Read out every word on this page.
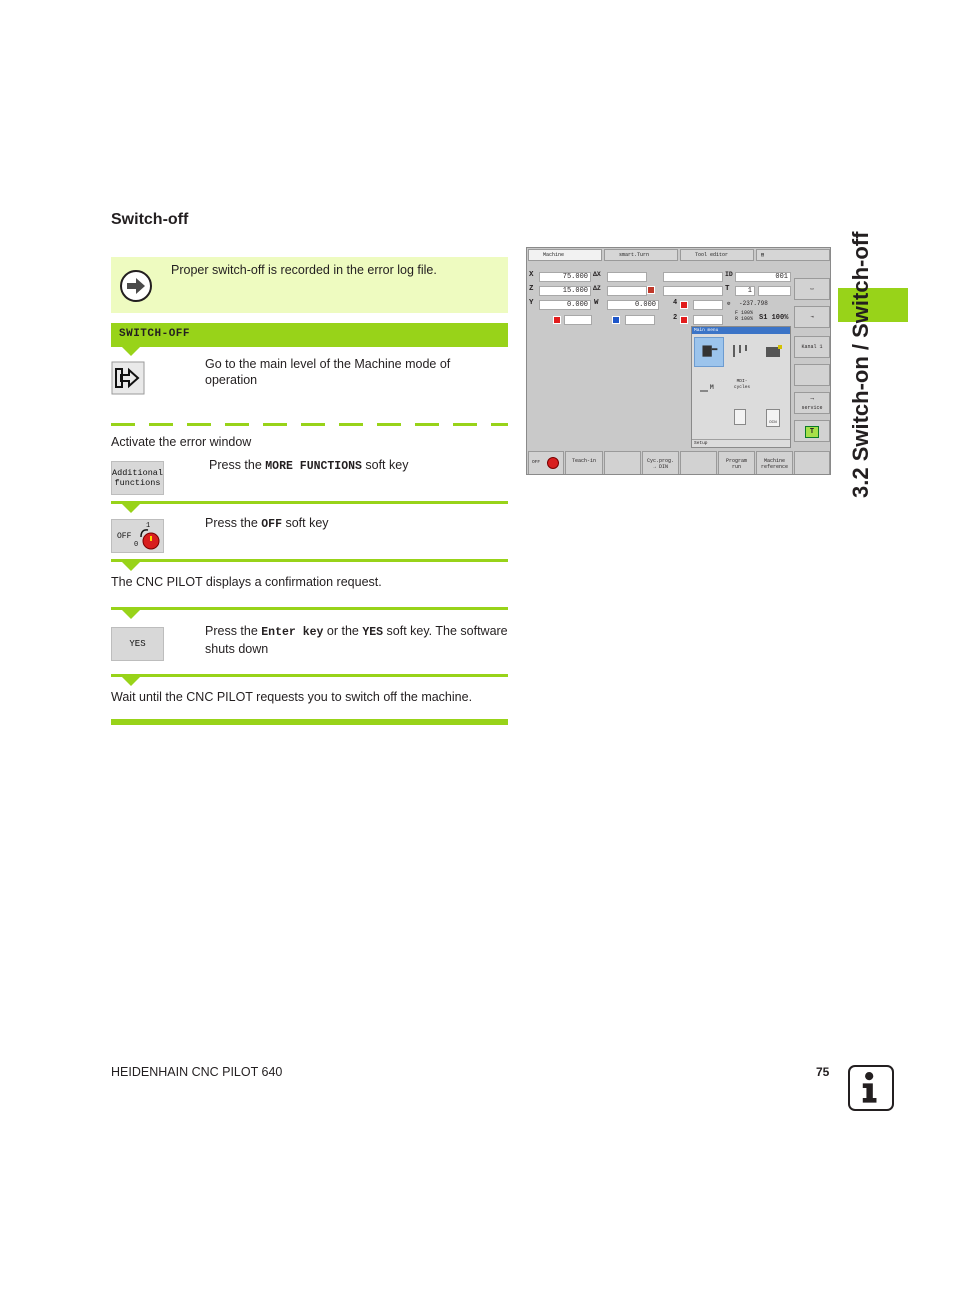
Switch-off
Proper switch-off is recorded in the error log file.
SWITCH-OFF
Go to the main level of the Machine mode of operation
Activate the error window
Additional
functions
Press the MORE FUNCTIONS soft key
OFF
1
0
Press the OFF soft key
The CNC PILOT displays a confirmation request.
YES
Press the Enter key or the YES soft key. The software shuts down
Wait until the CNC PILOT requests you to switch off the machine.
Machine	smart.Turn	Tool editor	▤
X	75.000 ΔX
Z	15.000 ΔZ
Y	0.000 W	0.000
ID	001
T	1
4	⚙ -237.798
2
F 100%
R 100% S1 100%
Main menu
M
MDI-
cycles
DIN
Setup
▭
⇥
Kanal 1
⟶
service
T
OFF	Teach-in	Cyc.prog.
→ DIN
Program
run
Machine
reference	3.2 Switch-on / Switch-off
HEIDENHAIN CNC PILOT 640	75
